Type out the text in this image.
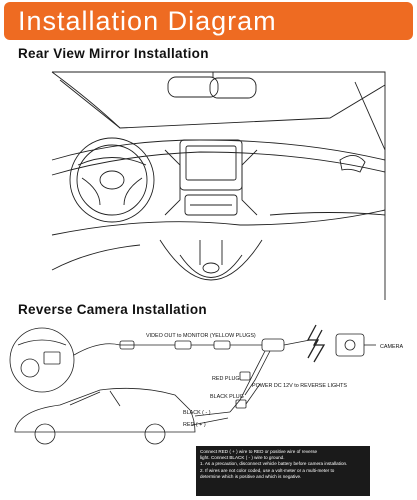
Installation Diagram
Rear View Mirror Installation
Reverse Camera Installation
VIDEO OUT to MONITOR (YELLOW PLUGS)
CAMERA
RED PLUG
POWER DC 12V to REVERSE LIGHTS
BLACK PLUG
BLACK ( - )
RED ( + )
Connect RED ( + ) wire to RED or positive wire of reverse
light. Connect BLACK ( - ) wire to ground.
1. As a precaution, disconnect vehicle battery before camera installation.
2. If wires are not color coded, use a volt-meter or a multi-meter to
determine which is positive and which is negative.
